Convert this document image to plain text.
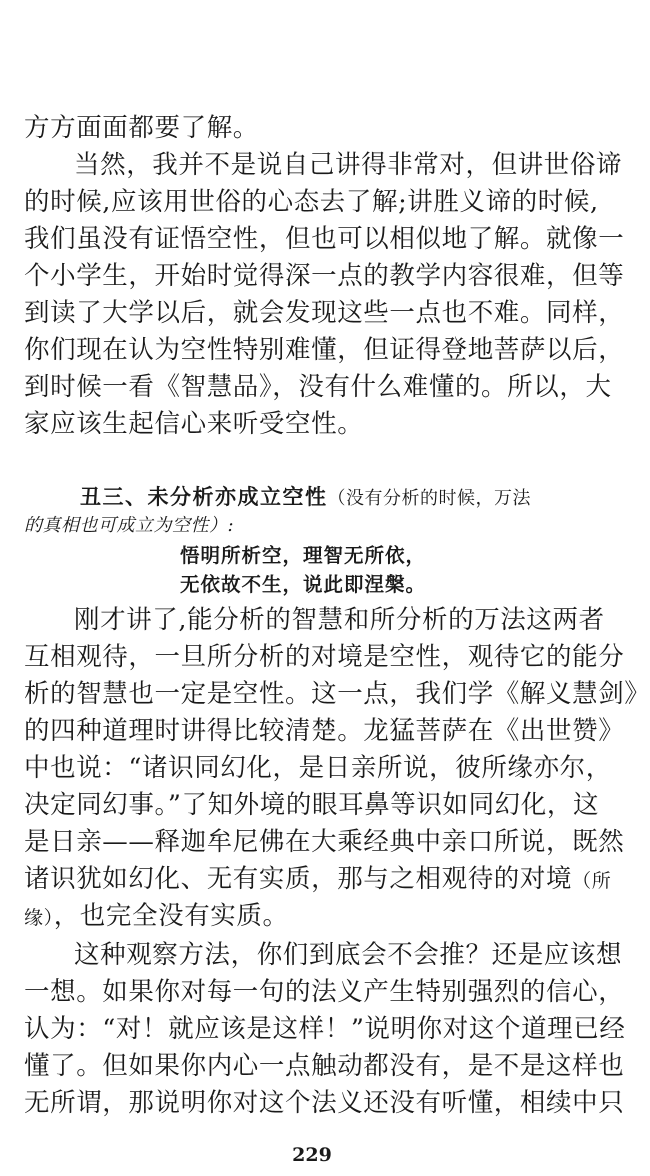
方方面面都要了解。
当然，我并不是说自己讲得非常对，但讲世俗谛
的时候,应该用世俗的心态去了解;讲胜义谛的时候,
我们虽没有证悟空性，但也可以相似地了解。就像一
个小学生，开始时觉得深一点的教学内容很难，但等
到读了大学以后，就会发现这些一点也不难。同样，
你们现在认为空性特别难懂，但证得登地菩萨以后，
到时候一看《智慧品》，没有什么难懂的。所以，大
家应该生起信心来听受空性。
丑三、未分析亦成立空性（没有分析的时候，万法
的真相也可成立为空性）:
悟明所析空，理智无所依，
无依故不生，说此即涅槃。
刚才讲了,能分析的智慧和所分析的万法这两者
互相观待，一旦所分析的对境是空性，观待它的能分
析的智慧也一定是空性。这一点，我们学《解义慧剑》
的四种道理时讲得比较清楚。龙猛菩萨在《出世赞》
中也说：“诸识同幻化，是日亲所说，彼所缘亦尔，
决定同幻事。”了知外境的眼耳鼻等识如同幻化，这
是日亲——释迦牟尼佛在大乘经典中亲口所说，既然
诸识犹如幻化、无有实质，那与之相观待的对境（所
缘），也完全没有实质。
这种观察方法，你们到底会不会推？还是应该想
一想。如果你对每一句的法义产生特别强烈的信心，
认为：“对！就应该是这样！”说明你对这个道理已经
懂了。但如果你内心一点触动都没有，是不是这样也
无所谓，那说明你对这个法义还没有听懂，相续中只
229
